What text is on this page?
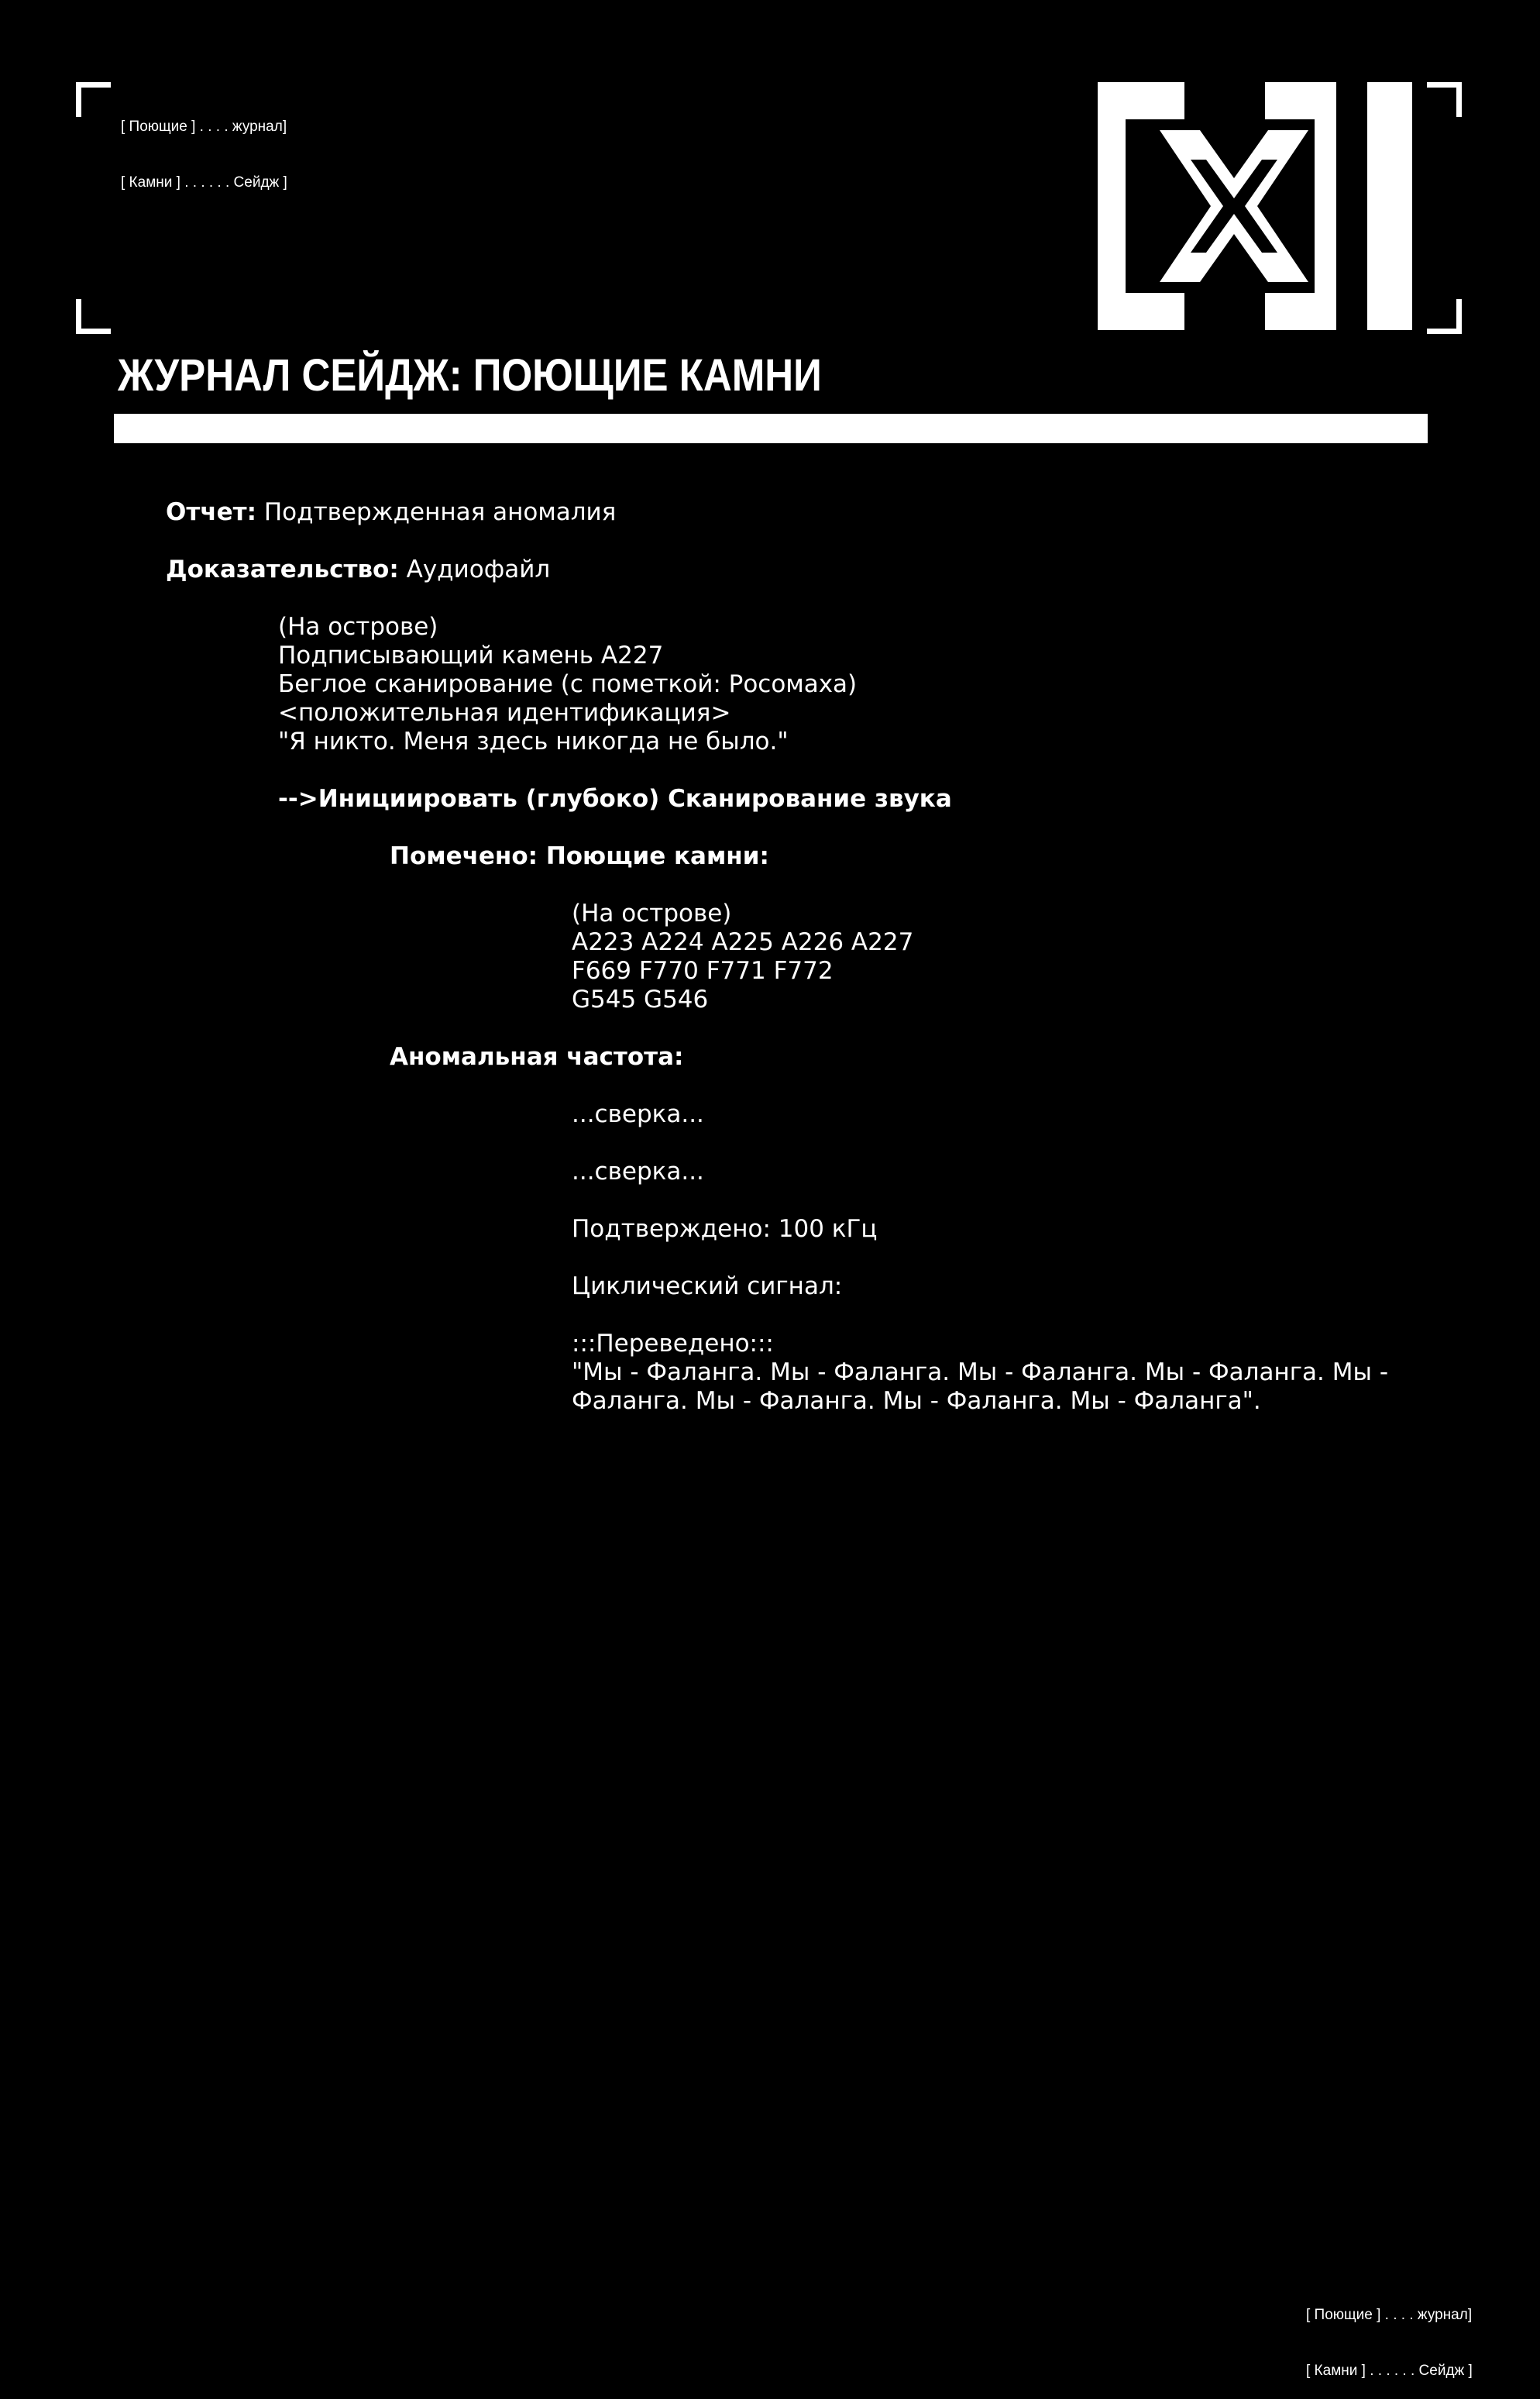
[ Поющие ] . . . . журнал]

[ Камни ] . . . . . . Сейдж ]

ЖУРНАЛ СЕЙДЖ: ПОЮЩИЕ КАМНИ
Отчет: Подтвержденная аномалия
Доказательство: Аудиофайл
(На острове)
Подписывающий камень A227
Беглое сканирование (с пометкой: Росомаха)
<положительная идентификация>
"Я никто. Меня здесь никогда не было."
-->Инициировать (глубоко) Сканирование звука
Помечено: Поющие камни:
(На острове)
A223 A224 A225 A226 A227
F669 F770 F771 F772
G545 G546
Аномальная частота:
...сверка...
...сверка...
Подтверждено: 100 кГц
Циклический сигнал:
:::Переведено:::
"Мы - Фаланга. Мы - Фаланга. Мы - Фаланга. Мы - Фаланга. Мы -
Фаланга. Мы - Фаланга. Мы - Фаланга. Мы - Фаланга".

[ Поющие ] . . . . журнал]

[ Камни ] . . . . . . Сейдж ]
